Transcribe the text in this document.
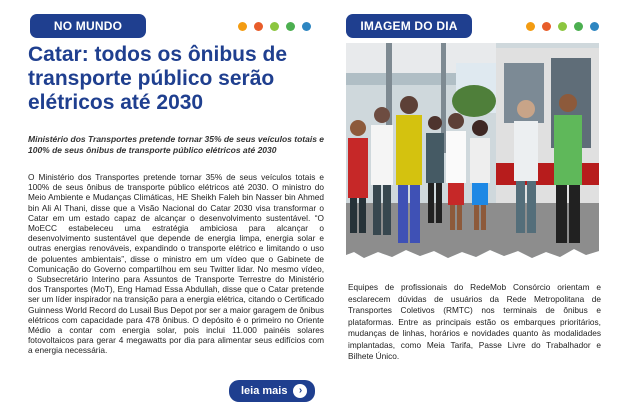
NO MUNDO
Catar: todos os ônibus de transporte público serão elétricos até 2030

Ministério dos Transportes pretende tornar 35% de seus veículos totais e 100% de seus ônibus de transporte público elétricos até 2030

O Ministério dos Transportes pretende tornar 35% de seus veículos totais e 100% de seus ônibus de transporte público elétricos até 2030. O ministro do Meio Ambiente e Mudanças Climáticas, HE Sheikh Faleh bin Nasser bin Ahmed bin Ali Al Thani, disse que a Visão Nacional do Catar 2030 visa transformar o Catar em um estado capaz de alcançar o desenvolvimento sustentável. “O MoECC estabeleceu uma estratégia ambiciosa para alcançar o desenvolvimento sustentável que depende de energia limpa, energia solar e outras energias renováveis, expandindo o transporte elétrico e limitando o uso de poluentes ambientais”, disse o ministro em um vídeo que o Gabinete de Comunicação do Governo compartilhou em seu Twitter lidar. No mesmo vídeo, o Subsecretário Interino para Assuntos de Transporte Terrestre do Ministério dos Transportes (MoT), Eng Hamad Essa Abdullah, disse que o Catar pretende ser um líder inspirador na transição para a energia elétrica, citando o Certificado Guinness World Record do Lusail Bus Depot por ser a maior garagem de ônibus elétricos com capacidade para 478 ônibus. O depósito é o primeiro no Oriente Médio a contar com energia solar, pois inclui 11.000 painéis solares fotovoltaicos para gerar 4 megawatts por dia para alimentar seus edifícios com a energia necessária.

leia mais	›
IMAGEM DO DIA

Equipes de profissionais do RedeMob Consórcio orientam e esclarecem dúvidas de usuários da Rede Metropolitana de Transportes Coletivos (RMTC) nos terminais de ônibus e plataformas. Entre as principais estão os embarques prioritários, mudanças de linhas, horários e novidades quanto às modalidades implantadas, como Meia Tarifa, Passe Livre do Trabalhador e Bilhete Único.
